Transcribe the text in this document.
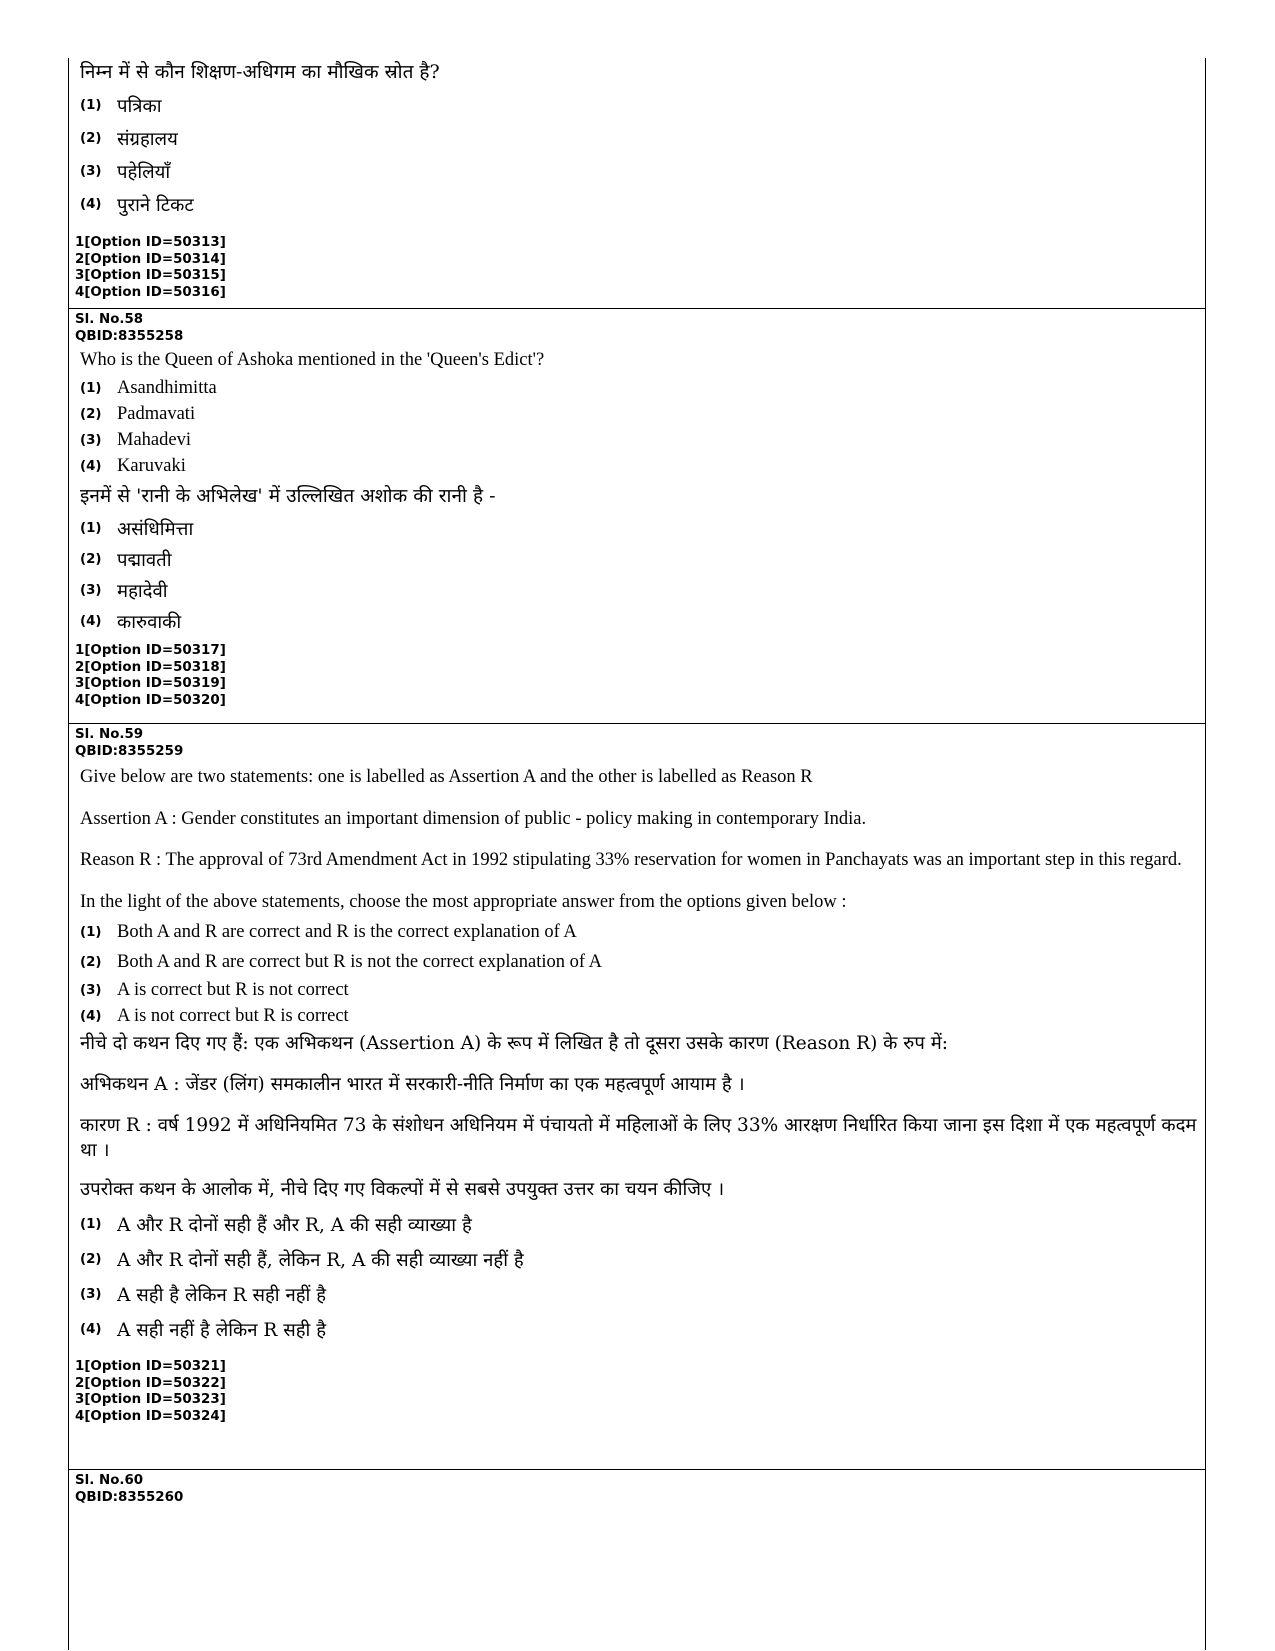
निम्न में से कौन शिक्षण-अधिगम का मौखिक स्रोत है?
(1) पत्रिका
(2) संग्रहालय
(3) पहेलियाँ
(4) पुराने टिकट
1[Option ID=50313]
2[Option ID=50314]
3[Option ID=50315]
4[Option ID=50316]
Sl. No.58
QBID:8355258
Who is the Queen of Ashoka mentioned in the 'Queen's Edict'?
(1) Asandhimitta
(2) Padmavati
(3) Mahadevi
(4) Karuvaki
इनमें से 'रानी के अभिलेख' में उल्लिखित अशोक की रानी है -
(1) असंधिमित्ता
(2) पद्मावती
(3) महादेवी
(4) कारुवाकी
1[Option ID=50317]
2[Option ID=50318]
3[Option ID=50319]
4[Option ID=50320]
Sl. No.59
QBID:8355259
Give below are two statements: one is labelled as Assertion A and the other is labelled as Reason R
Assertion A : Gender constitutes an important dimension of public - policy making in contemporary India.
Reason R : The approval of 73rd Amendment Act in 1992 stipulating 33% reservation for women in Panchayats was an important step in this regard.
In the light of the above statements, choose the most appropriate answer from the options given below :
(1) Both A and R are correct and R is the correct explanation of A
(2) Both A and R are correct but R is not the correct explanation of A
(3) A is correct but R is not correct
(4) A is not correct but R is correct
नीचे दो कथन दिए गए हैं: एक अभिकथन (Assertion A) के रूप में लिखित है तो दूसरा उसके कारण (Reason R) के रुप में:
अभिकथन A : जेंडर (लिंग) समकालीन भारत में सरकारी-नीति निर्माण का एक महत्वपूर्ण आयाम है ।
कारण R : वर्ष 1992 में अधिनियमित 73 के संशोधन अधिनियम में पंचायतो में महिलाओं के लिए 33% आरक्षण निर्धारित किया जाना इस दिशा में एक महत्वपूर्ण कदम था ।
उपरोक्त कथन के आलोक में, नीचे दिए गए विकल्पों में से सबसे उपयुक्त उत्तर का चयन कीजिए ।
(1) A और R दोनों सही हैं और R, A की सही व्याख्या है
(2) A और R दोनों सही हैं, लेकिन R, A की सही व्याख्या नहीं है
(3) A सही है लेकिन R सही नहीं है
(4) A सही नहीं है लेकिन R सही है
1[Option ID=50321]
2[Option ID=50322]
3[Option ID=50323]
4[Option ID=50324]
Sl. No.60
QBID:8355260
